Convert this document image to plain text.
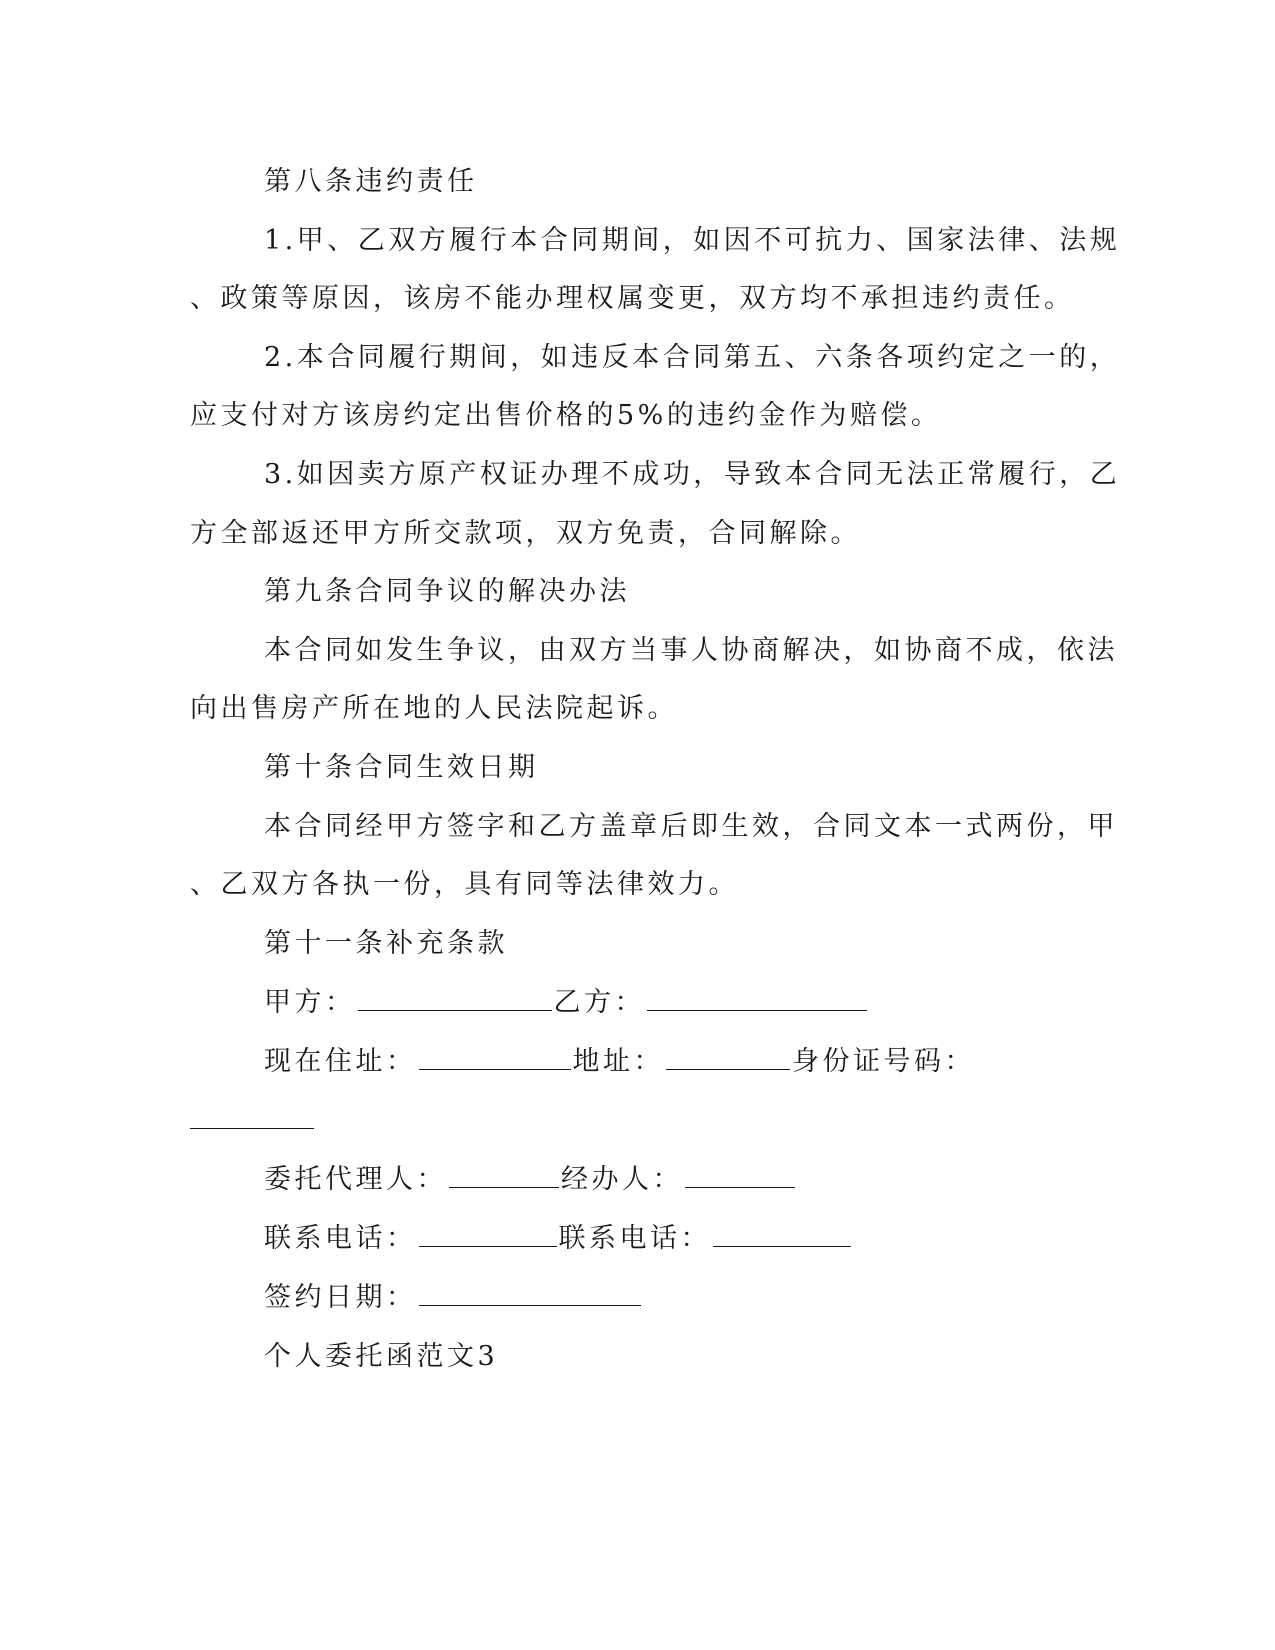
第八条违约责任
1.甲、乙双方履行本合同期间，如因不可抗力、国家法律、法规
、政策等原因，该房不能办理权属变更，双方均不承担违约责任。
2.本合同履行期间，如违反本合同第五、六条各项约定之一的，
应支付对方该房约定出售价格的5%的违约金作为赔偿。
3.如因卖方原产权证办理不成功，导致本合同无法正常履行，乙
方全部返还甲方所交款项，双方免责，合同解除。
第九条合同争议的解决办法
本合同如发生争议，由双方当事人协商解决，如协商不成，依法
向出售房产所在地的人民法院起诉。
第十条合同生效日期
本合同经甲方签字和乙方盖章后即生效，合同文本一式两份，甲
、乙双方各执一份，具有同等法律效力。
第十一条补充条款
甲方：	乙方：
现在住址：	地址：	身份证号码：
委托代理人：	经办人：
联系电话：	联系电话：
签约日期：
个人委托函范文3
